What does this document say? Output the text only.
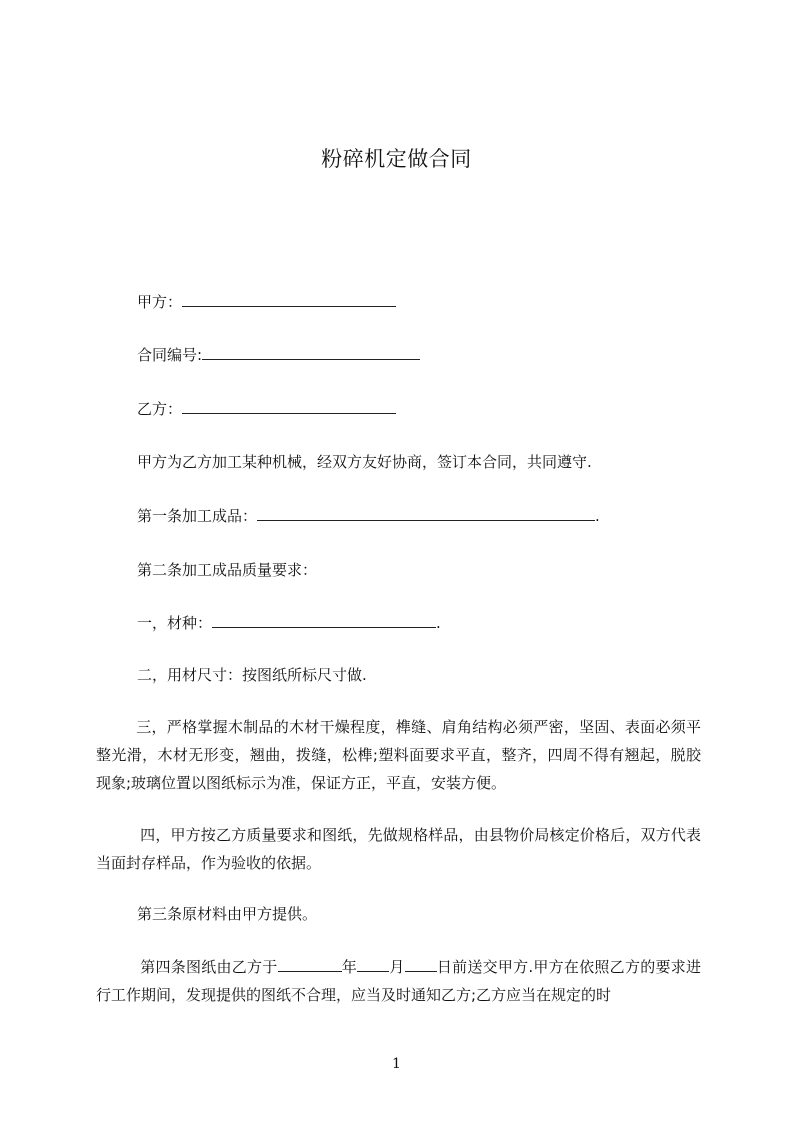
粉碎机定做合同
甲方：
合同编号:
乙方：
甲方为乙方加工某种机械，经双方友好协商，签订本合同，共同遵守.
第一条加工成品：	.
第二条加工成品质量要求：
一，材种：	.
二，用材尺寸：按图纸所标尺寸做.
三，严格掌握木制品的木材干燥程度，榫缝、肩角结构必须严密，坚固、表面必须平整光滑，木材无形变，翘曲，拨缝，松榫;塑料面要求平直，整齐，四周不得有翘起，脱胶现象;玻璃位置以图纸标示为准，保证方正，平直，安装方便。
四，甲方按乙方质量要求和图纸，先做规格样品，由县物价局核定价格后，双方代表当面封存样品，作为验收的依据。
第三条原材料由甲方提供。
第四条图纸由乙方于	年 月 日前送交甲方.甲方在依照乙方的要求进行工作期间，发现提供的图纸不合理，应当及时通知乙方;乙方应当在规定的时
1
